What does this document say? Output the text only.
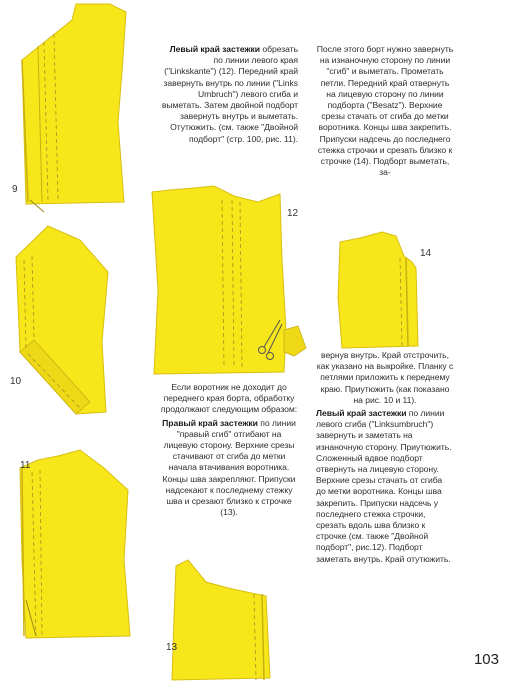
9
10
11
12
13
14

Левый край застежки обрезать по линии левого края ("Linkskante") (12). Передний край завернуть внутрь по линии ("Links Umbruch") левого сгиба и выметать. Затем двойной подборт завернуть внутрь и выметать. Отутюжить. (см. также "Двойной подборт" (стр. 100, рис. 11).

После этого борт нужно завернуть на изнаночную сторону по линии "сгиб" и выметать. Прометать петли. Передний край отвернуть на лицевую сторону по линии подборта ("Besatz"). Верхние срезы стачать от сгиба до метки воротника. Концы шва закрепить. Припуски надсечь до последнего стежка строчки и срезать близко к строчке (14). Подборт выметать, за-

Если воротник не доходит до переднего края борта, обработку продолжают следующим образом:

Правый край застежки по линии "правый сгиб" отгибают на лицевую сторону. Верхние срезы стачивают от сгиба до метки начала втачивания воротника. Концы шва закрепляют. Припуски надсекают к последнему стежку шва и срезают близко к строчке (13).

вернув внутрь. Край отстрочить, как указано на выкройке. Планку с петлями приложить к переднему краю. Приутюжить (как показано на рис. 10 и 11).

Левый край застежки по линии левого сгиба ("Linksumbruch") завернуть и заметать на изнаночную сторону. Приутюжить. Сложенный вдвое подборт отвернуть на лицевую сторону. Верхние срезы стачать от сгиба до метки воротника. Концы шва закрепить. Припуски надсечь у последнего стежка строчки, срезать вдоль шва близко к строчке (см. также "Двойной подборт", рис.12). Подборт заметать внутрь. Край отутюжить.

103
